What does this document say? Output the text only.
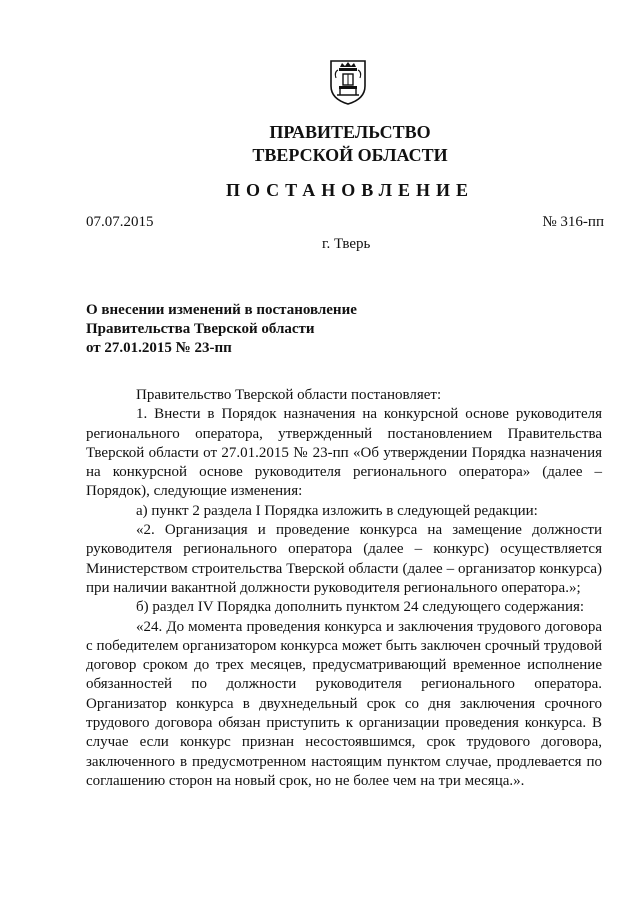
ПРАВИТЕЛЬСТВО
ТВЕРСКОЙ ОБЛАСТИ
ПОСТАНОВЛЕНИЕ
07.07.2015	№ 316-пп
г. Тверь
О внесении изменений в постановление
Правительства Тверской области
от 27.01.2015 № 23-пп

Правительство Тверской области постановляет:

1. Внести в Порядок назначения на конкурсной основе руководителя регионального оператора, утвержденный постановлением Правительства Тверской области от 27.01.2015 № 23-пп «Об утверждении Порядка назначения на конкурсной основе руководителя регионального оператора» (далее – Порядок), следующие изменения:

а) пункт 2 раздела I Порядка изложить в следующей редакции:

«2. Организация и проведение конкурса на замещение должности руководителя регионального оператора (далее – конкурс) осуществляется Министерством строительства Тверской области (далее – организатор конкурса) при наличии вакантной должности руководителя регионального оператора.»;

б) раздел IV Порядка дополнить пунктом 24 следующего содержания:

«24. До момента проведения конкурса и заключения трудового договора с победителем организатором конкурса может быть заключен срочный трудовой договор сроком до трех месяцев, предусматривающий временное исполнение обязанностей по должности руководителя регионального оператора. Организатор конкурса в двухнедельный срок со дня заключения срочного трудового договора обязан приступить к организации проведения конкурса. В случае если конкурс признан несостоявшимся, срок трудового договора, заключенного в предусмотренном настоящим пунктом случае, продлевается по соглашению сторон на новый срок, но не более чем на три месяца.».
